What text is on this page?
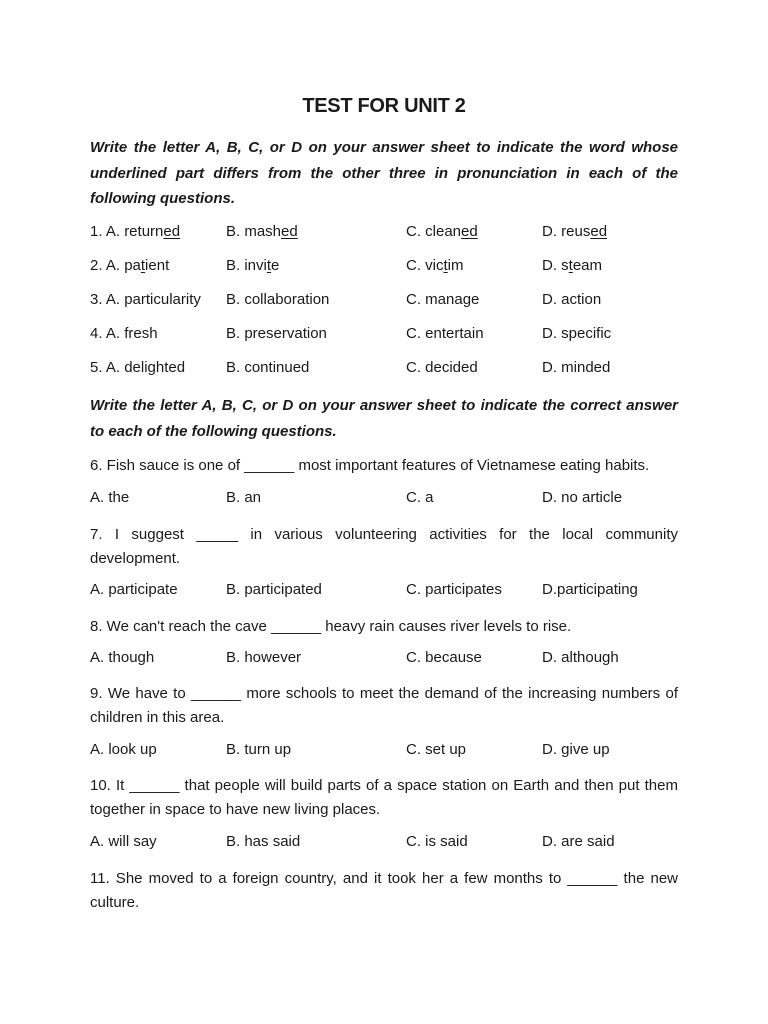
TEST FOR UNIT 2
Write the letter A, B, C, or D on your answer sheet to indicate the word whose underlined part differs from the other three in pronunciation in each of the following questions.
1. A. returned	B. mashed	C. cleaned	D. reused
2. A. patient	B. invite	C. victim	D. steam
3. A. particularity B. collaboration	C. manage	D. action
4. A. fresh	B. preservation	C. entertain	D. specific
5. A. delighted	B. continued	C. decided	D. minded
Write the letter A, B, C, or D on your answer sheet to indicate the correct answer to each of the following questions.
6. Fish sauce is one of ______ most important features of Vietnamese eating habits.
A. the	B. an	C. a	D. no article
7. I suggest _____ in various volunteering activities for the local community development.
A. participate	B. participated	C. participates	D.participating
8. We can't reach the cave ______ heavy rain causes river levels to rise.
A. though	B. however	C. because	D. although
9. We have to ______ more schools to meet the demand of the increasing numbers of children in this area.
A. look up	B. turn up	C. set up	D. give up
10. It ______ that people will build parts of a space station on Earth and then put them together in space to have new living places.
A. will say	B. has said	C. is said	D. are said
11. She moved to a foreign country, and it took her a few months to ______ the new culture.
